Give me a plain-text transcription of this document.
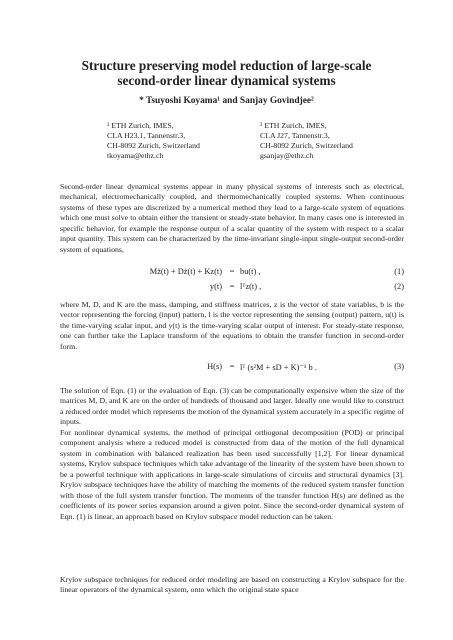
Structure preserving model reduction of large-scale second-order linear dynamical systems
* Tsuyoshi Koyama¹ and Sanjay Govindjee²
¹ ETH Zurich, IMES,
CLA H23.1, Tannenstr.3,
CH-8092 Zurich, Switzerland
tkoyama@ethz.ch
² ETH Zurich, IMES,
CLA J27, Tannenstr.3,
CH-8092 Zurich, Switzerland
gsanjay@ethz.ch

Second-order linear dynamical systems appear in many physical systems of interests such as electrical, mechanical, electromechanically coupled, and thermomechanically coupled systems. When continuous systems of these types are discretized by a numerical method they lead to a large-scale system of equations which one must solve to obtain either the transient or steady-state behavior. In many cases one is interested in specific behavior, for example the response output of a scalar quantity of the system with respect to a scalar input quantity. This system can be characterized by the time-invariant single-input single-output second-order system of equations,

Mz̈(t) + Dż(t) + Kz(t) = bu(t) ,	(1)
y(t) = lᵀz(t) ,	(2)

where M, D, and K are the mass, damping, and stiffness matrices, z is the vector of state variables, b is the vector representing the forcing (input) pattern, l is the vector representing the sensing (output) pattern, u(t) is the time-varying scalar input, and y(t) is the time-varying scalar output of interest. For steady-state response, one can further take the Laplace transform of the equations to obtain the transfer function in second-order form.

H(s) = lᵀ (s²M + sD + K)⁻¹ b .	(3)

The solution of Eqn. (1) or the evaluation of Eqn. (3) can be computationally expensive when the size of the matrices M, D, and K are on the order of hundreds of thousand and larger. Ideally one would like to construct a reduced order model which represents the motion of the dynamical system accurately in a specific regime of inputs.

For nonlinear dynamical systems, the method of principal orthogonal decomposition (POD) or principal component analysis where a reduced model is constructed from data of the motion of the full dynamical system in combination with balanced realization has been used successfully [1,2]. For linear dynamical systems, Krylov subspace techniques which take advantage of the linearity of the system have been shown to be a powerful technique with applications in large-scale simulations of circuits and structural dynamics [3]. Krylov subspace techniques have the ability of matching the moments of the reduced system transfer function with those of the full system transfer function. The moments of the transfer function H(s) are defined as the coefficients of its power series expansion around a given point. Since the second-order dynamical system of Eqn. (1) is linear, an approach based on Krylov subspace model reduction can be taken.

Krylov subspace techniques for reduced order modeling are based on constructing a Krylov subspace for the linear operators of the dynamical system, onto which the original state space
